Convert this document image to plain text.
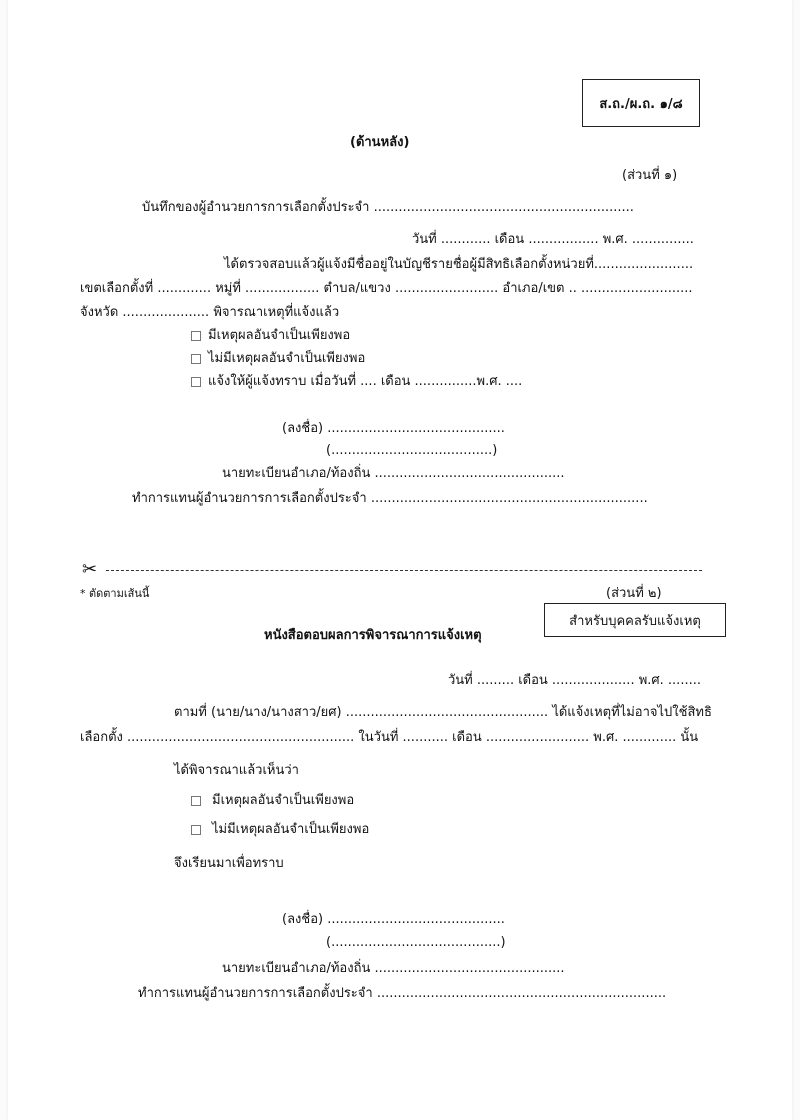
ส.ถ./ผ.ถ. ๑/๘
(ด้านหลัง)
(ส่วนที่ ๑)
บันทึกของผู้อำนวยการการเลือกตั้งประจำ ...............................................................
วันที่ ............ เดือน ................. พ.ศ. ...............
ได้ตรวจสอบแล้วผู้แจ้งมีชื่ออยู่ในบัญชีรายชื่อผู้มีสิทธิเลือกตั้งหน่วยที่........................
เขตเลือกตั้งที่ ............. หมู่ที่ .................. ตำบล/แขวง ......................... อำเภอ/เขต .. ...........................
จังหวัด ..................... พิจารณาเหตุที่แจ้งแล้ว
มีเหตุผลอันจำเป็นเพียงพอ
ไม่มีเหตุผลอันจำเป็นเพียงพอ
แจ้งให้ผู้แจ้งทราบ เมื่อวันที่ .... เดือน ...............พ.ศ. ....
(ลงชื่อ) ...........................................
(.......................................)
นายทะเบียนอำเภอ/ท้องถิ่น ..............................................
ทำการแทนผู้อำนวยการการเลือกตั้งประจำ ...................................................................
✂
* ตัดตามเส้นนี้	(ส่วนที่ ๒)
สำหรับบุคคลรับแจ้งเหตุ
หนังสือตอบผลการพิจารณาการแจ้งเหตุ
วันที่ ......... เดือน .................... พ.ศ. ........
ตามที่ (นาย/นาง/นางสาว/ยศ) ................................................. ได้แจ้งเหตุที่ไม่อาจไปใช้สิทธิ
เลือกตั้ง ....................................................... ในวันที่ ........... เดือน ......................... พ.ศ. ............. นั้น
ได้พิจารณาแล้วเห็นว่า
มีเหตุผลอันจำเป็นเพียงพอ
ไม่มีเหตุผลอันจำเป็นเพียงพอ
จึงเรียนมาเพื่อทราบ
(ลงชื่อ) ...........................................
(.........................................)
นายทะเบียนอำเภอ/ท้องถิ่น ..............................................
ทำการแทนผู้อำนวยการการเลือกตั้งประจำ ......................................................................
